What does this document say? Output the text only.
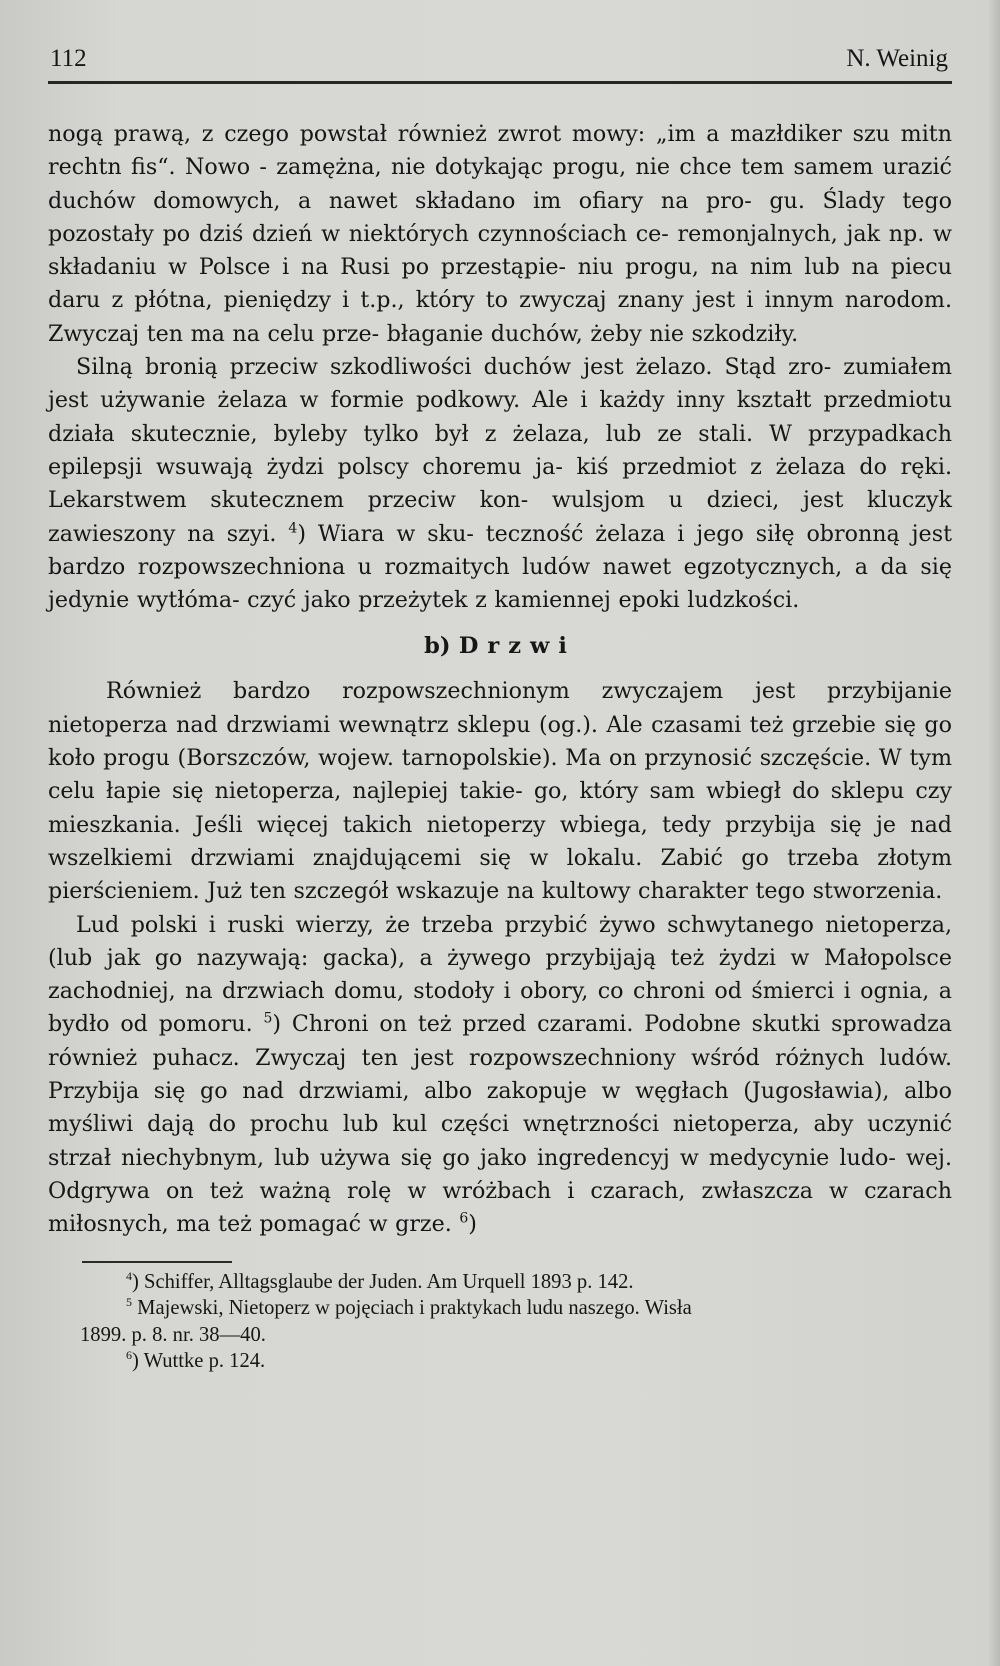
112	N. Weinig

nogą prawą, z czego powstał również zwrot mowy: „im a mazłdiker szu mitn rechtn fis“. Nowo - zamężna, nie dotykając progu, nie chce tem samem urazić duchów domowych, a nawet składano im ofiary na pro- gu. Ślady tego pozostały po dziś dzień w niektórych czynnościach ce- remonjalnych, jak np. w składaniu w Polsce i na Rusi po przestąpie- niu progu, na nim lub na piecu daru z płótna, pieniędzy i t.p., który to zwyczaj znany jest i innym narodom. Zwyczaj ten ma na celu prze- błaganie duchów, żeby nie szkodziły.

Silną bronią przeciw szkodliwości duchów jest żelazo. Stąd zro- zumiałem jest używanie żelaza w formie podkowy. Ale i każdy inny kształt przedmiotu działa skutecznie, byleby tylko był z żelaza, lub ze stali. W przypadkach epilepsji wsuwają żydzi polscy choremu ja- kiś przedmiot z żelaza do ręki. Lekarstwem skutecznem przeciw kon- wulsjom u dzieci, jest kluczyk zawieszony na szyi. $^4$) Wiara w sku- teczność żelaza i jego siłę obronną jest bardzo rozpowszechniona u rozmaitych ludów nawet egzotycznych, a da się jedynie wytłóma- czyć jako przeżytek z kamiennej epoki ludzkości.

b) Drzwi

Również bardzo rozpowszechnionym zwyczajem jest przybijanie nietoperza nad drzwiami wewnątrz sklepu (og.). Ale czasami też grzebie się go koło progu (Borszczów, wojew. tarnopolskie). Ma on przynosić szczęście. W tym celu łapie się nietoperza, najlepiej takie- go, który sam wbiegł do sklepu czy mieszkania. Jeśli więcej takich nietoperzy wbiega, tedy przybija się je nad wszelkiemi drzwiami znajdującemi się w lokalu. Zabić go trzeba złotym pierścieniem. Już ten szczegół wskazuje na kultowy charakter tego stworzenia.

Lud polski i ruski wierzy, że trzeba przybić żywo schwytanego nietoperza, (lub jak go nazywają: gacka), a żywego przybijają też żydzi w Małopolsce zachodniej, na drzwiach domu, stodoły i obory, co chroni od śmierci i ognia, a bydło od pomoru. $^5$) Chroni on też przed czarami. Podobne skutki sprowadza również puhacz. Zwyczaj ten jest rozpowszechniony wśród różnych ludów. Przybija się go nad drzwiami, albo zakopuje w węgłach (Jugosławia), albo myśliwi dają do prochu lub kul części wnętrzności nietoperza, aby uczynić strzał niechybnym, lub używa się go jako ingredencyj w medycynie ludo- wej. Odgrywa on też ważną rolę w wróżbach i czarach, zwłaszcza w czarach miłosnych, ma też pomagać w grze. $^6$)

$^4$) Schiffer, Alltagsglaube der Juden. Am Urquell 1893 p. 142.

$^5$ Majewski, Nietoperz w pojęciach i praktykach ludu naszego. Wisła

1899. p. 8. nr. 38—40.

$^6$) Wuttke p. 124.
